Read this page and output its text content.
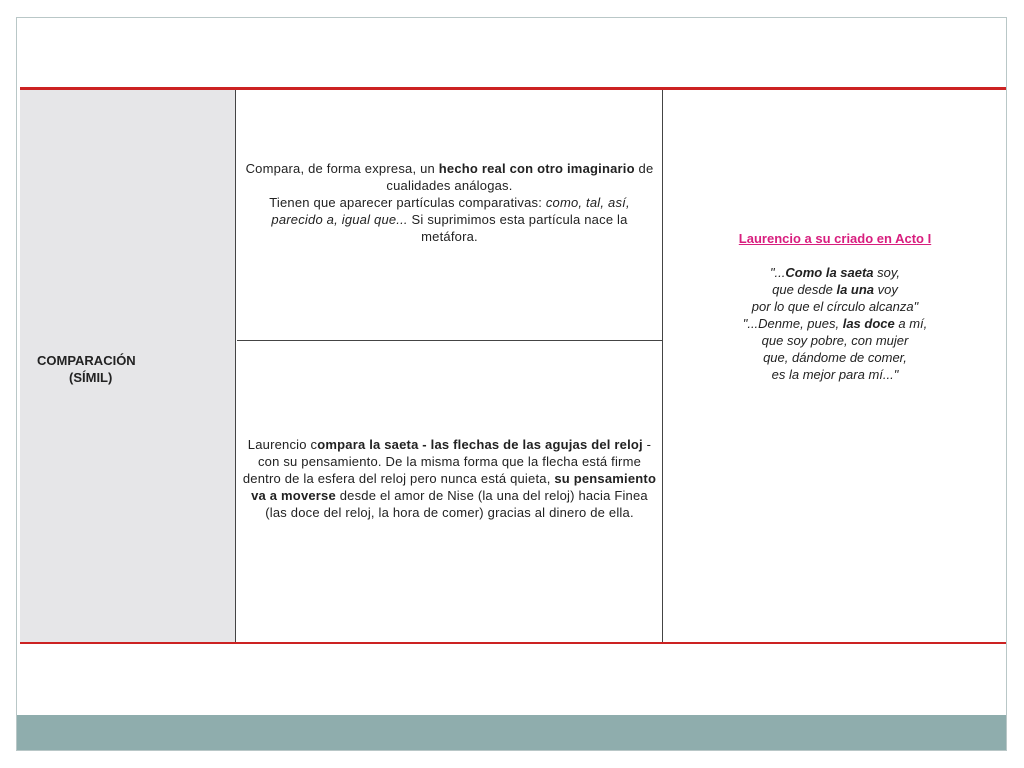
COMPARACIÓN
(SÍMIL)
Compara, de forma expresa, un hecho real con otro imaginario de cualidades análogas.
Tienen que aparecer partículas comparativas: como, tal, así, parecido a, igual que... Si suprimimos esta partícula nace la metáfora.
Laurencio compara la saeta - las flechas de las agujas del reloj - con su pensamiento. De la misma forma que la flecha está firme dentro de la esfera del reloj pero nunca está quieta, su pensamiento va a moverse desde el amor de Nise (la una del reloj) hacia Finea (las doce del reloj, la hora de comer) gracias al dinero de ella.
Laurencio a su criado en Acto I
"...Como la saeta soy,
que desde la una voy
por lo que el círculo alcanza"
"...Denme, pues, las doce a mí,
que soy pobre, con mujer
que, dándome de comer,
es la mejor para mí..."
